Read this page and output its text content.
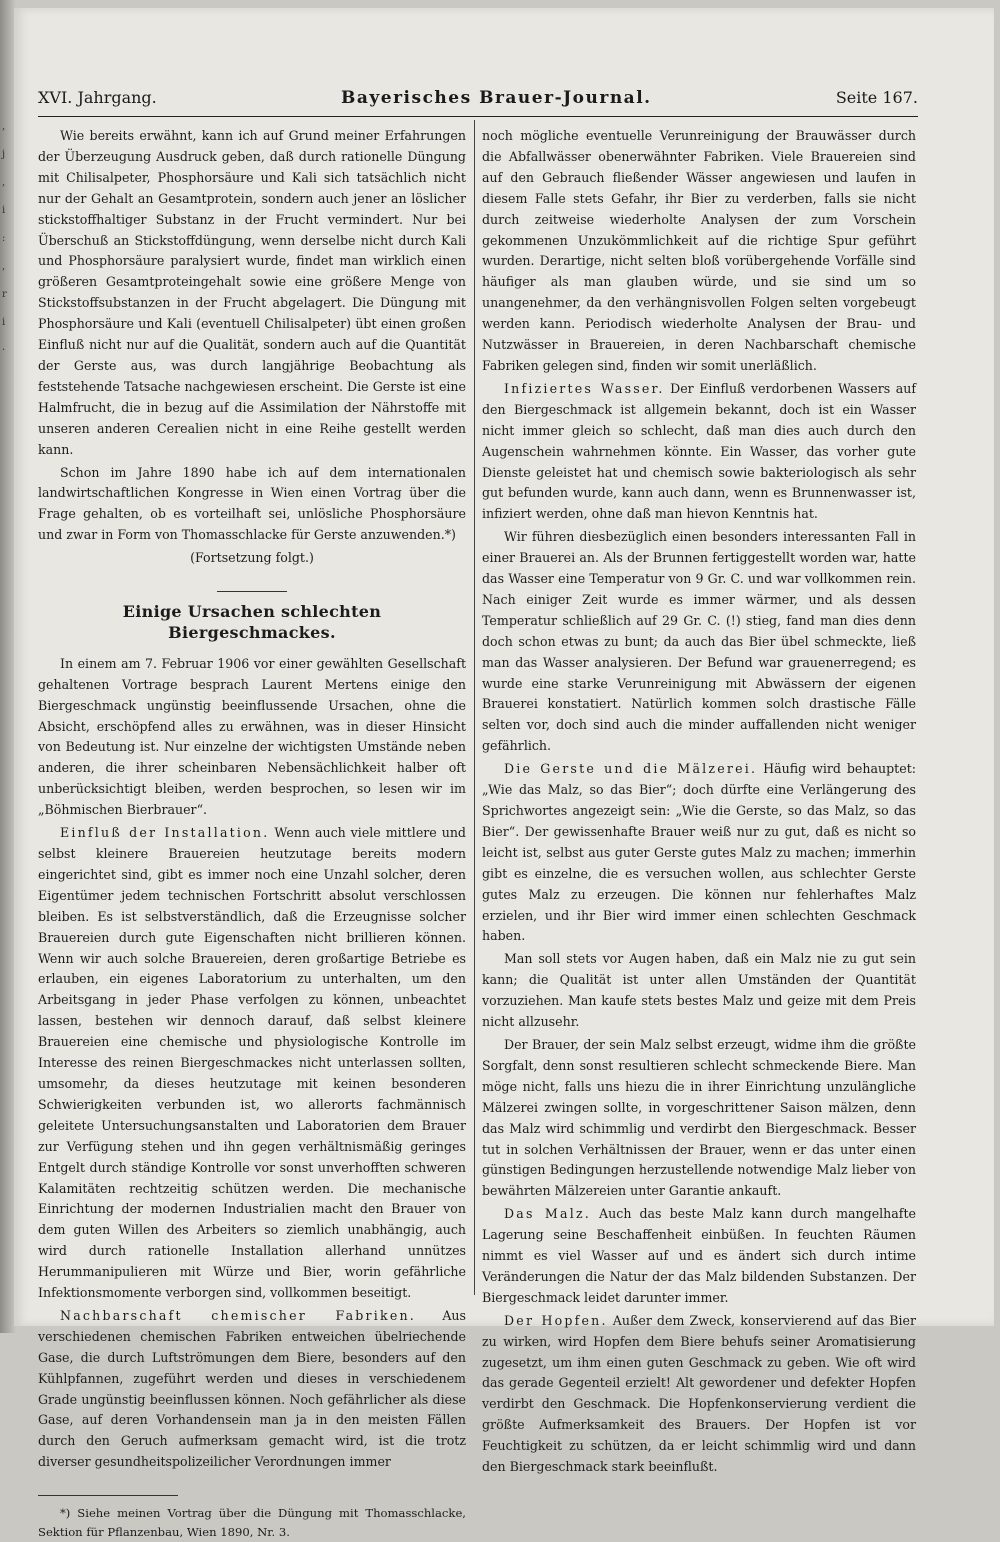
,
j
,
i
:
,
r
i
·
XVI. Jahrgang.	Bayerisches Brauer-Journal.	Seite 167.

Wie bereits erwähnt, kann ich auf Grund meiner Erfahrungen der Überzeugung Ausdruck geben, daß durch rationelle Düngung mit Chilisalpeter, Phosphorsäure und Kali sich tatsächlich nicht nur der Gehalt an Gesamtprotein, sondern auch jener an löslicher stickstoffhaltiger Substanz in der Frucht vermindert. Nur bei Überschuß an Stickstoffdüngung, wenn derselbe nicht durch Kali und Phosphorsäure paralysiert wurde, findet man wirklich einen größeren Gesamtproteingehalt sowie eine größere Menge von Stickstoffsubstanzen in der Frucht abgelagert. Die Düngung mit Phosphorsäure und Kali (eventuell Chilisalpeter) übt einen großen Einfluß nicht nur auf die Qualität, sondern auch auf die Quantität der Gerste aus, was durch langjährige Beobachtung als feststehende Tatsache nachgewiesen erscheint. Die Gerste ist eine Halmfrucht, die in bezug auf die Assimilation der Nährstoffe mit unseren anderen Cerealien nicht in eine Reihe gestellt werden kann.

Schon im Jahre 1890 habe ich auf dem internationalen landwirtschaftlichen Kongresse in Wien einen Vortrag über die Frage gehalten, ob es vorteilhaft sei, unlösliche Phosphorsäure und zwar in Form von Thomasschlacke für Gerste anzuwenden.*)

(Fortsetzung folgt.)

Einige Ursachen schlechten Biergeschmackes.

In einem am 7. Februar 1906 vor einer gewählten Gesellschaft gehaltenen Vortrage besprach Laurent Mertens einige den Biergeschmack ungünstig beeinflussende Ursachen, ohne die Absicht, erschöpfend alles zu erwähnen, was in dieser Hinsicht von Bedeutung ist. Nur einzelne der wichtigsten Umstände neben anderen, die ihrer scheinbaren Nebensächlichkeit halber oft unberücksichtigt bleiben, werden besprochen, so lesen wir im „Böhmischen Bierbrauer“.

Einfluß der Installation. Wenn auch viele mittlere und selbst kleinere Brauereien heutzutage bereits modern eingerichtet sind, gibt es immer noch eine Unzahl solcher, deren Eigentümer jedem technischen Fortschritt absolut verschlossen bleiben. Es ist selbstverständlich, daß die Erzeugnisse solcher Brauereien durch gute Eigenschaften nicht brillieren können. Wenn wir auch solche Brauereien, deren großartige Betriebe es erlauben, ein eigenes Laboratorium zu unterhalten, um den Arbeitsgang in jeder Phase verfolgen zu können, unbeachtet lassen, bestehen wir dennoch darauf, daß selbst kleinere Brauereien eine chemische und physiologische Kontrolle im Interesse des reinen Biergeschmackes nicht unterlassen sollten, umsomehr, da dieses heutzutage mit keinen besonderen Schwierigkeiten verbunden ist, wo allerorts fachmännisch geleitete Untersuchungsanstalten und Laboratorien dem Brauer zur Verfügung stehen und ihn gegen verhältnismäßig geringes Entgelt durch ständige Kontrolle vor sonst unverhofften schweren Kalamitäten rechtzeitig schützen werden. Die mechanische Einrichtung der modernen Industrialien macht den Brauer von dem guten Willen des Arbeiters so ziemlich unabhängig, auch wird durch rationelle Installation allerhand unnützes Herummanipulieren mit Würze und Bier, worin gefährliche Infektionsmomente verborgen sind, vollkommen beseitigt.

Nachbarschaft chemischer Fabriken. Aus verschiedenen chemischen Fabriken entweichen übelriechende Gase, die durch Luftströmungen dem Biere, besonders auf den Kühlpfannen, zugeführt werden und dieses in verschiedenem Grade ungünstig beeinflussen können. Noch gefährlicher als diese Gase, auf deren Vorhandensein man ja in den meisten Fällen durch den Geruch aufmerksam gemacht wird, ist die trotz diverser gesundheitspolizeilicher Verordnungen immer

*) Siehe meinen Vortrag über die Düngung mit Thomasschlacke, Sektion für Pflanzenbau, Wien 1890, Nr. 3.

noch mögliche eventuelle Verunreinigung der Brauwässer durch die Abfallwässer obenerwähnter Fabriken. Viele Brauereien sind auf den Gebrauch fließender Wässer angewiesen und laufen in diesem Falle stets Gefahr, ihr Bier zu verderben, falls sie nicht durch zeitweise wiederholte Analysen der zum Vorschein gekommenen Unzukömmlichkeit auf die richtige Spur geführt wurden. Derartige, nicht selten bloß vorübergehende Vorfälle sind häufiger als man glauben würde, und sie sind um so unangenehmer, da den verhängnisvollen Folgen selten vorgebeugt werden kann. Periodisch wiederholte Analysen der Brau- und Nutzwässer in Brauereien, in deren Nachbarschaft chemische Fabriken gelegen sind, finden wir somit unerläßlich.

Infiziertes Wasser. Der Einfluß verdorbenen Wassers auf den Biergeschmack ist allgemein bekannt, doch ist ein Wasser nicht immer gleich so schlecht, daß man dies auch durch den Augenschein wahrnehmen könnte. Ein Wasser, das vorher gute Dienste geleistet hat und chemisch sowie bakteriologisch als sehr gut befunden wurde, kann auch dann, wenn es Brunnenwasser ist, infiziert werden, ohne daß man hievon Kenntnis hat.

Wir führen diesbezüglich einen besonders interessanten Fall in einer Brauerei an. Als der Brunnen fertiggestellt worden war, hatte das Wasser eine Temperatur von 9 Gr. C. und war vollkommen rein. Nach einiger Zeit wurde es immer wärmer, und als dessen Temperatur schließlich auf 29 Gr. C. (!) stieg, fand man dies denn doch schon etwas zu bunt; da auch das Bier übel schmeckte, ließ man das Wasser analysieren. Der Befund war grauenerregend; es wurde eine starke Verunreinigung mit Abwässern der eigenen Brauerei konstatiert. Natürlich kommen solch drastische Fälle selten vor, doch sind auch die minder auffallenden nicht weniger gefährlich.

Die Gerste und die Mälzerei. Häufig wird behauptet: „Wie das Malz, so das Bier“; doch dürfte eine Verlängerung des Sprichwortes angezeigt sein: „Wie die Gerste, so das Malz, so das Bier“. Der gewissenhafte Brauer weiß nur zu gut, daß es nicht so leicht ist, selbst aus guter Gerste gutes Malz zu machen; immerhin gibt es einzelne, die es versuchen wollen, aus schlechter Gerste gutes Malz zu erzeugen. Die können nur fehlerhaftes Malz erzielen, und ihr Bier wird immer einen schlechten Geschmack haben.

Man soll stets vor Augen haben, daß ein Malz nie zu gut sein kann; die Qualität ist unter allen Umständen der Quantität vorzuziehen. Man kaufe stets bestes Malz und geize mit dem Preis nicht allzusehr.

Der Brauer, der sein Malz selbst erzeugt, widme ihm die größte Sorgfalt, denn sonst resultieren schlecht schmeckende Biere. Man möge nicht, falls uns hiezu die in ihrer Einrichtung unzulängliche Mälzerei zwingen sollte, in vorgeschrittener Saison mälzen, denn das Malz wird schimmlig und verdirbt den Biergeschmack. Besser tut in solchen Verhältnissen der Brauer, wenn er das unter einen günstigen Bedingungen herzustellende notwendige Malz lieber von bewährten Mälzereien unter Garantie ankauft.

Das Malz. Auch das beste Malz kann durch mangelhafte Lagerung seine Beschaffenheit einbüßen. In feuchten Räumen nimmt es viel Wasser auf und es ändert sich durch intime Veränderungen die Natur der das Malz bildenden Substanzen. Der Biergeschmack leidet darunter immer.

Der Hopfen. Außer dem Zweck, konservierend auf das Bier zu wirken, wird Hopfen dem Biere behufs seiner Aromatisierung zugesetzt, um ihm einen guten Geschmack zu geben. Wie oft wird das gerade Gegenteil erzielt! Alt gewordener und defekter Hopfen verdirbt den Geschmack. Die Hopfenkonservierung verdient die größte Aufmerksamkeit des Brauers. Der Hopfen ist vor Feuchtigkeit zu schützen, da er leicht schimmlig wird und dann den Biergeschmack stark beeinflußt.
